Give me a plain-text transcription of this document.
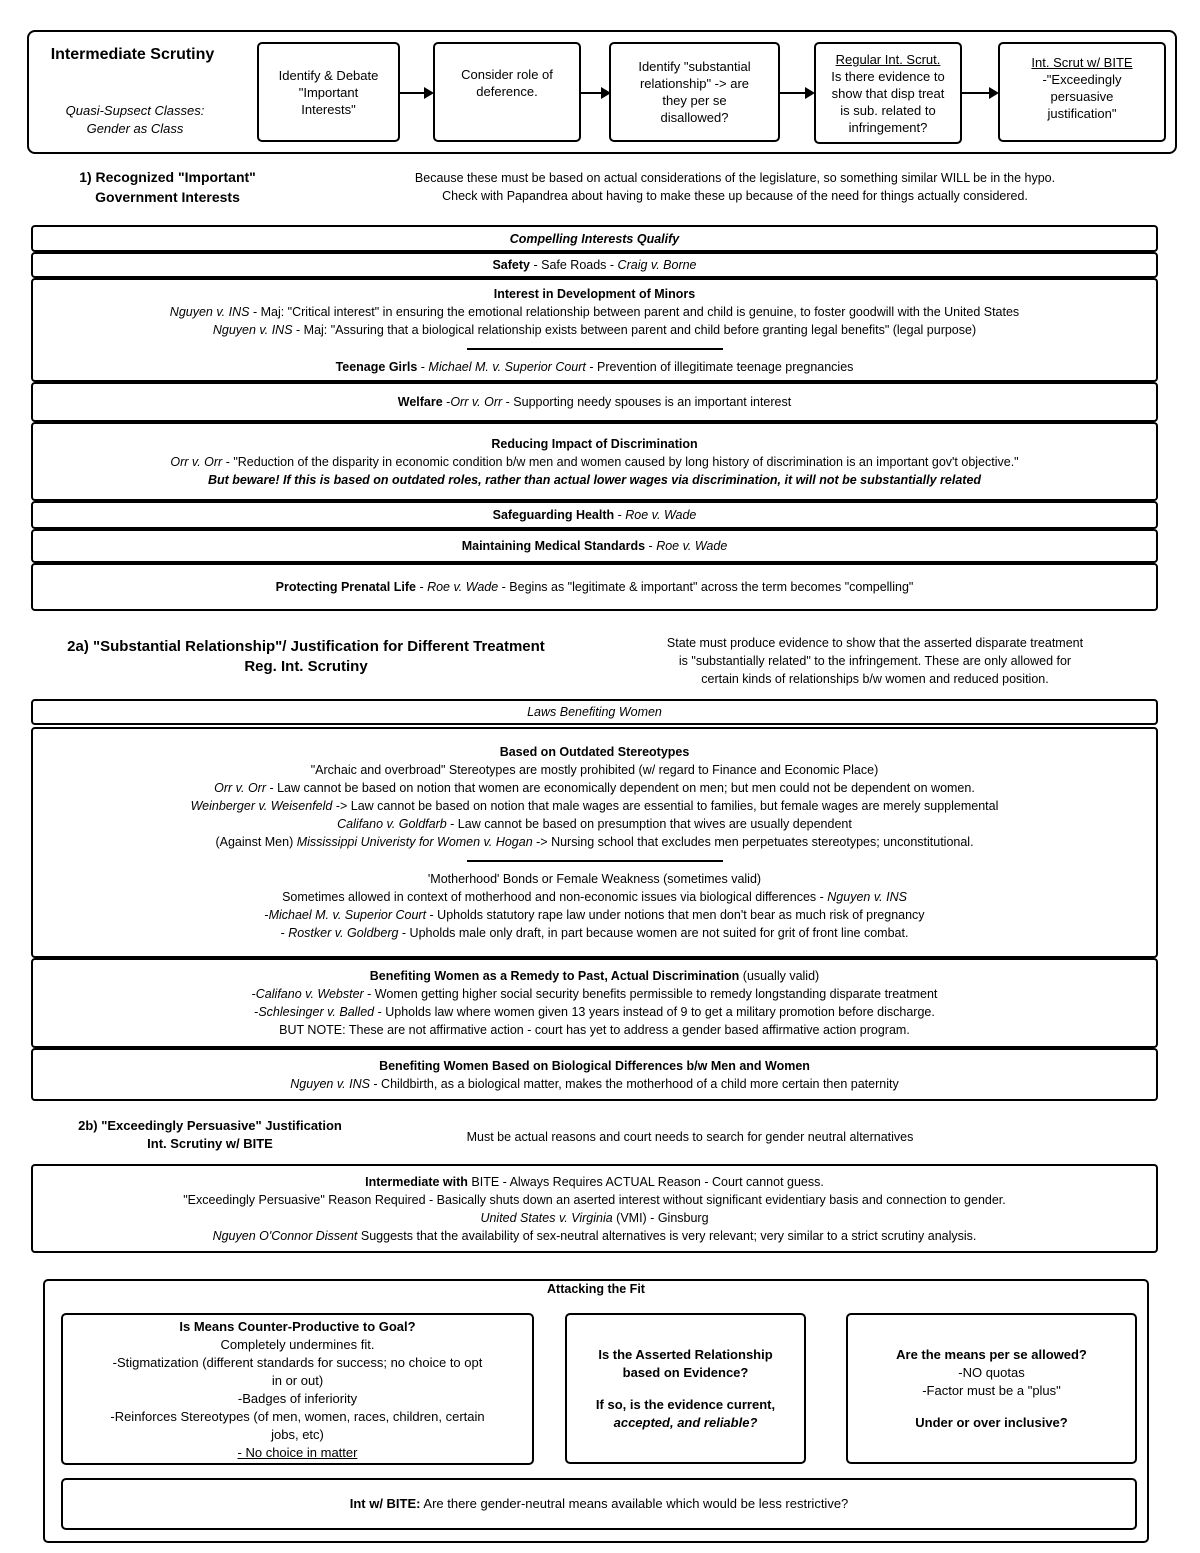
Intermediate Scrutiny
Quasi-Supsect Classes:
Gender as Class
Identify & Debate
"Important
Interests"
Consider role of
deference.
Identify "substantial
relationship" -> are
they per se
disallowed?
Regular Int. Scrut.
Is there evidence to
show that disp treat
is sub. related to
infringement?
Int. Scrut w/ BITE
-"Exceedingly
persuasive
justification"
1) Recognized "Important"
Government Interests
Because these must be based on actual considerations of the legislature, so something similar WILL be in the hypo.
Check with Papandrea about having to make these up because of the need for things actually considered.

Compelling Interests Qualify

Safety - Safe Roads - Craig v. Borne

Interest in Development of Minors

Nguyen v. INS - Maj: "Critical interest" in ensuring the emotional relationship between parent and child is genuine, to foster goodwill with the United States

Nguyen v. INS - Maj: "Assuring that a biological relationship exists between parent and child before granting legal benefits" (legal purpose)

Teenage Girls - Michael M. v. Superior Court - Prevention of illegitimate teenage pregnancies

Welfare -Orr v. Orr - Supporting needy spouses is an important interest

Reducing Impact of Discrimination

Orr v. Orr - "Reduction of the disparity in economic condition b/w men and women caused by long history of discrimination is an important gov't objective."

But beware! If this is based on outdated roles, rather than actual lower wages via discrimination, it will not be substantially related

Safeguarding Health - Roe v. Wade

Maintaining Medical Standards - Roe v. Wade

Protecting Prenatal Life - Roe v. Wade - Begins as "legitimate & important" across the term becomes "compelling"

2a) "Substantial Relationship"/ Justification for Different Treatment
Reg. Int. Scrutiny
State must produce evidence to show that the asserted disparate treatment
is "substantially related" to the infringement. These are only allowed for
certain kinds of relationships b/w women and reduced position.

Laws Benefiting Women

Based on Outdated Stereotypes

"Archaic and overbroad" Stereotypes are mostly prohibited (w/ regard to Finance and Economic Place)

Orr v. Orr - Law cannot be based on notion that women are economically dependent on men; but men could not be dependent on women.

Weinberger v. Weisenfeld -> Law cannot be based on notion that male wages are essential to families, but female wages are merely supplemental

Califano v. Goldfarb - Law cannot be based on presumption that wives are usually dependent

(Against Men) Mississippi Univeristy for Women v. Hogan -> Nursing school that excludes men perpetuates stereotypes; unconstitutional.

'Motherhood' Bonds or Female Weakness (sometimes valid)

Sometimes allowed in context of motherhood and non-economic issues via biological differences - Nguyen v. INS

-Michael M. v. Superior Court - Upholds statutory rape law under notions that men don't bear as much risk of pregnancy

- Rostker v. Goldberg - Upholds male only draft, in part because women are not suited for grit of front line combat.

Benefiting Women as a Remedy to Past, Actual Discrimination (usually valid)

-Califano v. Webster - Women getting higher social security benefits permissible to remedy longstanding disparate treatment

-Schlesinger v. Balled - Upholds law where women given 13 years instead of 9 to get a military promotion before discharge.

BUT NOTE: These are not affirmative action - court has yet to address a gender based affirmative action program.

Benefiting Women Based on Biological Differences b/w Men and Women

Nguyen v. INS - Childbirth, as a biological matter, makes the motherhood of a child more certain then paternity

2b) "Exceedingly Persuasive" Justification
Int. Scrutiny w/ BITE	Must be actual reasons and court needs to search for gender neutral alternatives

Intermediate with BITE - Always Requires ACTUAL Reason - Court cannot guess.

"Exceedingly Persuasive" Reason Required - Basically shuts down an aserted interest without significant evidentiary basis and connection to gender.

United States v. Virginia (VMI) - Ginsburg

Nguyen O'Connor Dissent Suggests that the availability of sex-neutral alternatives is very relevant; very similar to a strict scrutiny analysis.

Attacking the Fit
Is Means Counter-Productive to Goal?
Completely undermines fit.
-Stigmatization (different standards for success; no choice to opt
in or out)
-Badges of inferiority
-Reinforces Stereotypes (of men, women, races, children, certain
jobs, etc)
- No choice in matter
Is the Asserted Relationship
based on Evidence?
If so, is the evidence current,
accepted, and reliable?
Are the means per se allowed?
-NO quotas
-Factor must be a "plus"
Under or over inclusive?
Int w/ BITE: Are there gender-neutral means available which would be less restrictive?
